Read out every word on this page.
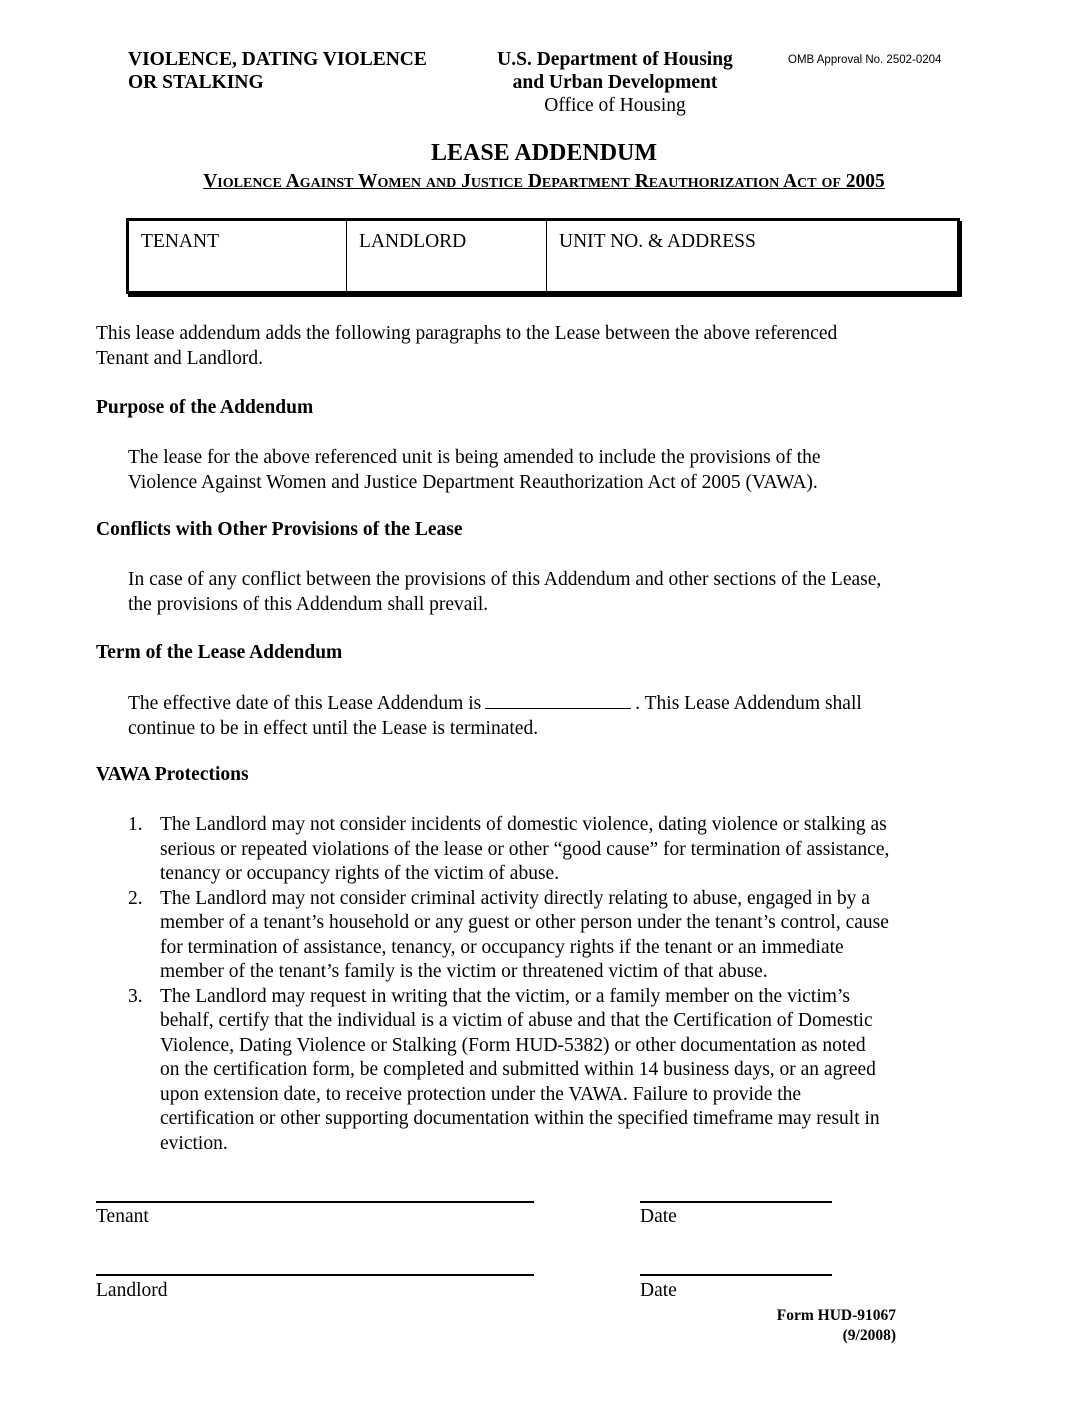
VIOLENCE, DATING VIOLENCE
OR STALKING
U.S. Department of Housing
and Urban Development
Office of Housing
OMB Approval No. 2502-0204
LEASE ADDENDUM
Violence Against Women and Justice Department Reauthorization Act of 2005
TENANT	LANDLORD	UNIT NO. & ADDRESS
This lease addendum adds the following paragraphs to the Lease between the above referenced
Tenant and Landlord.
Purpose of the Addendum
The lease for the above referenced unit is being amended to include the provisions of the
Violence Against Women and Justice Department Reauthorization Act of 2005 (VAWA).
Conflicts with Other Provisions of the Lease
In case of any conflict between the provisions of this Addendum and other sections of the Lease,
the provisions of this Addendum shall prevail.
Term of the Lease Addendum
The effective date of this Lease Addendum is	. This Lease Addendum shall
continue to be in effect until the Lease is terminated.
VAWA Protections
1. The Landlord may not consider incidents of domestic violence, dating violence or stalking as
serious or repeated violations of the lease or other “good cause” for termination of assistance,
tenancy or occupancy rights of the victim of abuse.
2. The Landlord may not consider criminal activity directly relating to abuse, engaged in by a
member of a tenant’s household or any guest or other person under the tenant’s control, cause
for termination of assistance, tenancy, or occupancy rights if the tenant or an immediate
member of the tenant’s family is the victim or threatened victim of that abuse.
3. The Landlord may request in writing that the victim, or a family member on the victim’s
behalf, certify that the individual is a victim of abuse and that the Certification of Domestic
Violence, Dating Violence or Stalking (Form HUD-5382) or other documentation as noted
on the certification form, be completed and submitted within 14 business days, or an agreed
upon extension date, to receive protection under the VAWA. Failure to provide the
certification or other supporting documentation within the specified timeframe may result in
eviction.
Tenant	Date
Landlord	Date
Form HUD-91067
(9/2008)
